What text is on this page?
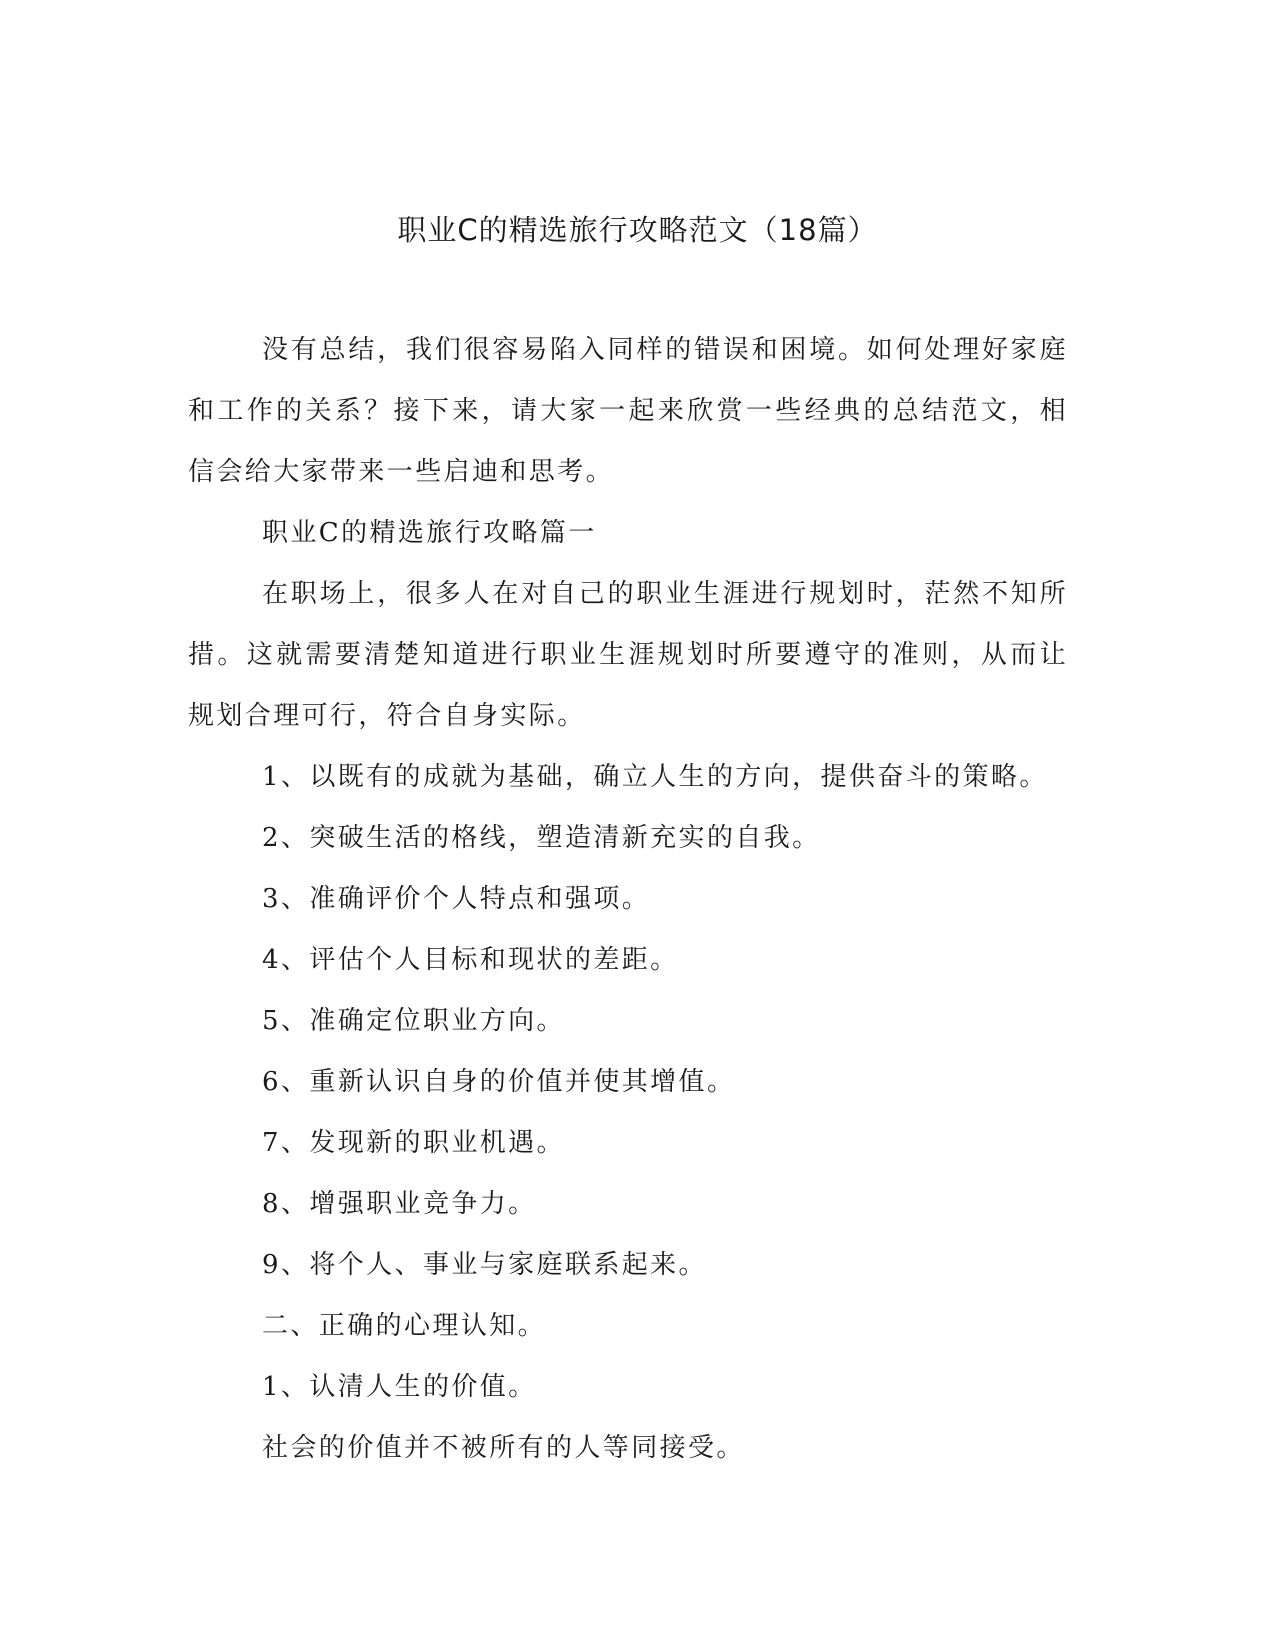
职业C的精选旅行攻略范文（18篇）

没有总结，我们很容易陷入同样的错误和困境。如何处理好家庭和工作的关系？接下来，请大家一起来欣赏一些经典的总结范文，相信会给大家带来一些启迪和思考。

职业C的精选旅行攻略篇一

在职场上，很多人在对自己的职业生涯进行规划时，茫然不知所措。这就需要清楚知道进行职业生涯规划时所要遵守的准则，从而让规划合理可行，符合自身实际。

1、以既有的成就为基础，确立人生的方向，提供奋斗的策略。

2、突破生活的格线，塑造清新充实的自我。

3、准确评价个人特点和强项。

4、评估个人目标和现状的差距。

5、准确定位职业方向。

6、重新认识自身的价值并使其增值。

7、发现新的职业机遇。

8、增强职业竞争力。

9、将个人、事业与家庭联系起来。

二、正确的心理认知。

1、认清人生的价值。

社会的价值并不被所有的人等同接受。
